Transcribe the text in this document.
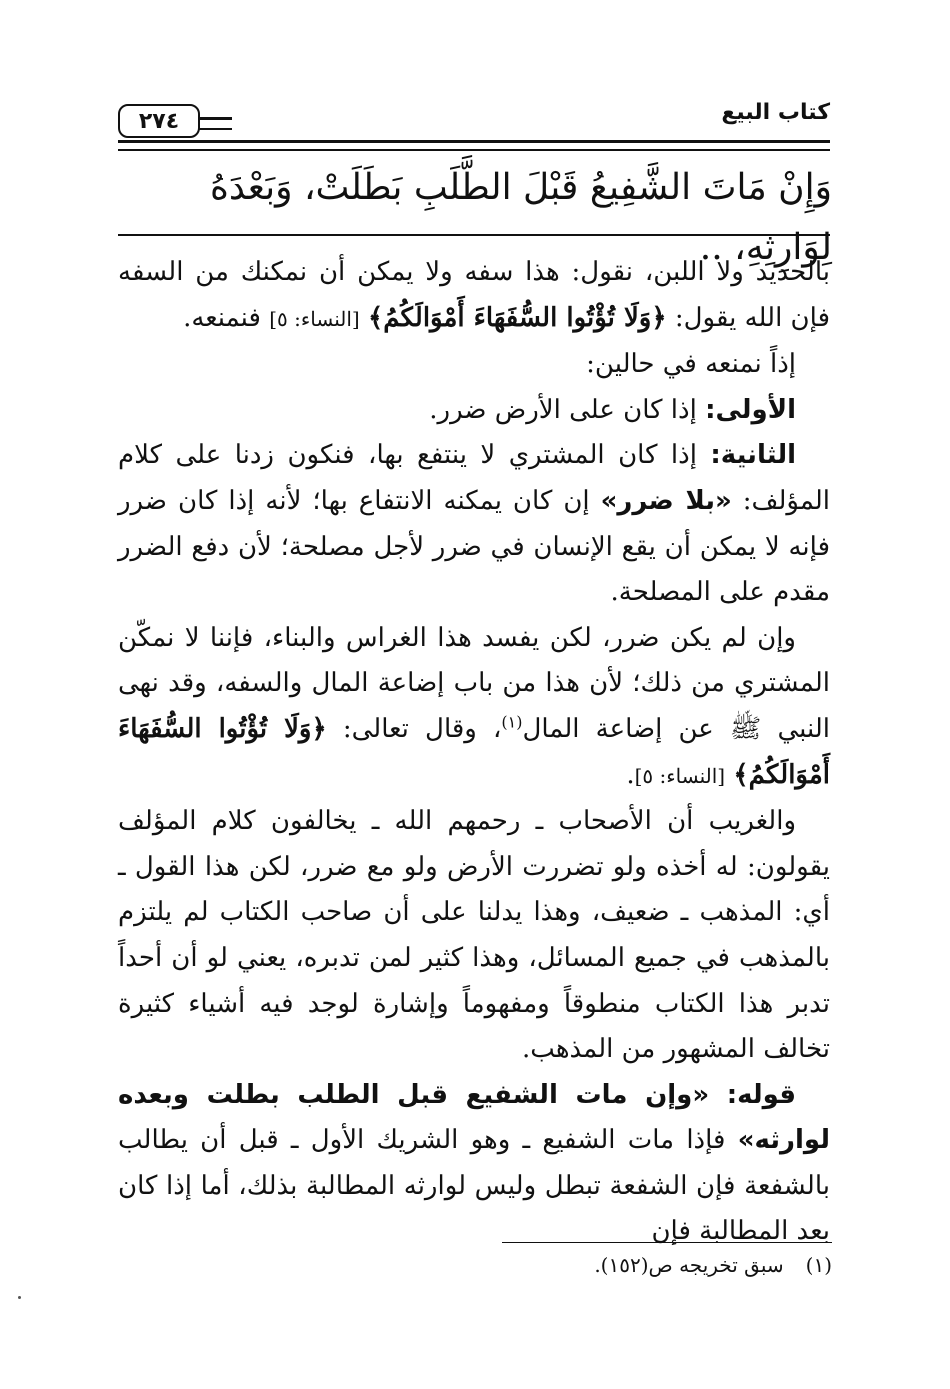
كتاب البيع
٢٧٤
وَإِنْ مَاتَ الشَّفِيعُ قَبْلَ الطَّلَبِ بَطَلَتْ، وَبَعْدَهُ لِوَارِثِهِ، ..

بالحديد ولا اللبن، نقول: هذا سفه ولا يمكن أن نمكنك من السفه فإن الله يقول: ﴿وَلَا تُؤْتُوا السُّفَهَاءَ أَمْوَالَكُمُ﴾ [النساء: ٥] فنمنعه.

إذاً نمنعه في حالين:

الأولى: إذا كان على الأرض ضرر.

الثانية: إذا كان المشتري لا ينتفع بها، فنكون زدنا على كلام المؤلف: «بلا ضرر» إن كان يمكنه الانتفاع بها؛ لأنه إذا كان ضرر فإنه لا يمكن أن يقع الإنسان في ضرر لأجل مصلحة؛ لأن دفع الضرر مقدم على المصلحة.

وإن لم يكن ضرر، لكن يفسد هذا الغراس والبناء، فإننا لا نمكّن المشتري من ذلك؛ لأن هذا من باب إضاعة المال والسفه، وقد نهى النبي ﷺ عن إضاعة المال$^{(١)}$، وقال تعالى: ﴿وَلَا تُؤْتُوا السُّفَهَاءَ أَمْوَالَكُمُ﴾ [النساء: ٥].

والغريب أن الأصحاب ـ رحمهم الله ـ يخالفون كلام المؤلف يقولون: له أخذه ولو تضررت الأرض ولو مع ضرر، لكن هذا القول ـ أي: المذهب ـ ضعيف، وهذا يدلنا على أن صاحب الكتاب لم يلتزم بالمذهب في جميع المسائل، وهذا كثير لمن تدبره، يعني لو أن أحداً تدبر هذا الكتاب منطوقاً ومفهوماً وإشارة لوجد فيه أشياء كثيرة تخالف المشهور من المذهب.

قوله: «وإن مات الشفيع قبل الطلب بطلت وبعده لوارثه» فإذا مات الشفيع ـ وهو الشريك الأول ـ قبل أن يطالب بالشفعة فإن الشفعة تبطل وليس لوارثه المطالبة بذلك، أما إذا كان بعد المطالبة فإن

(١)سبق تخريجه ص(١٥٢).
